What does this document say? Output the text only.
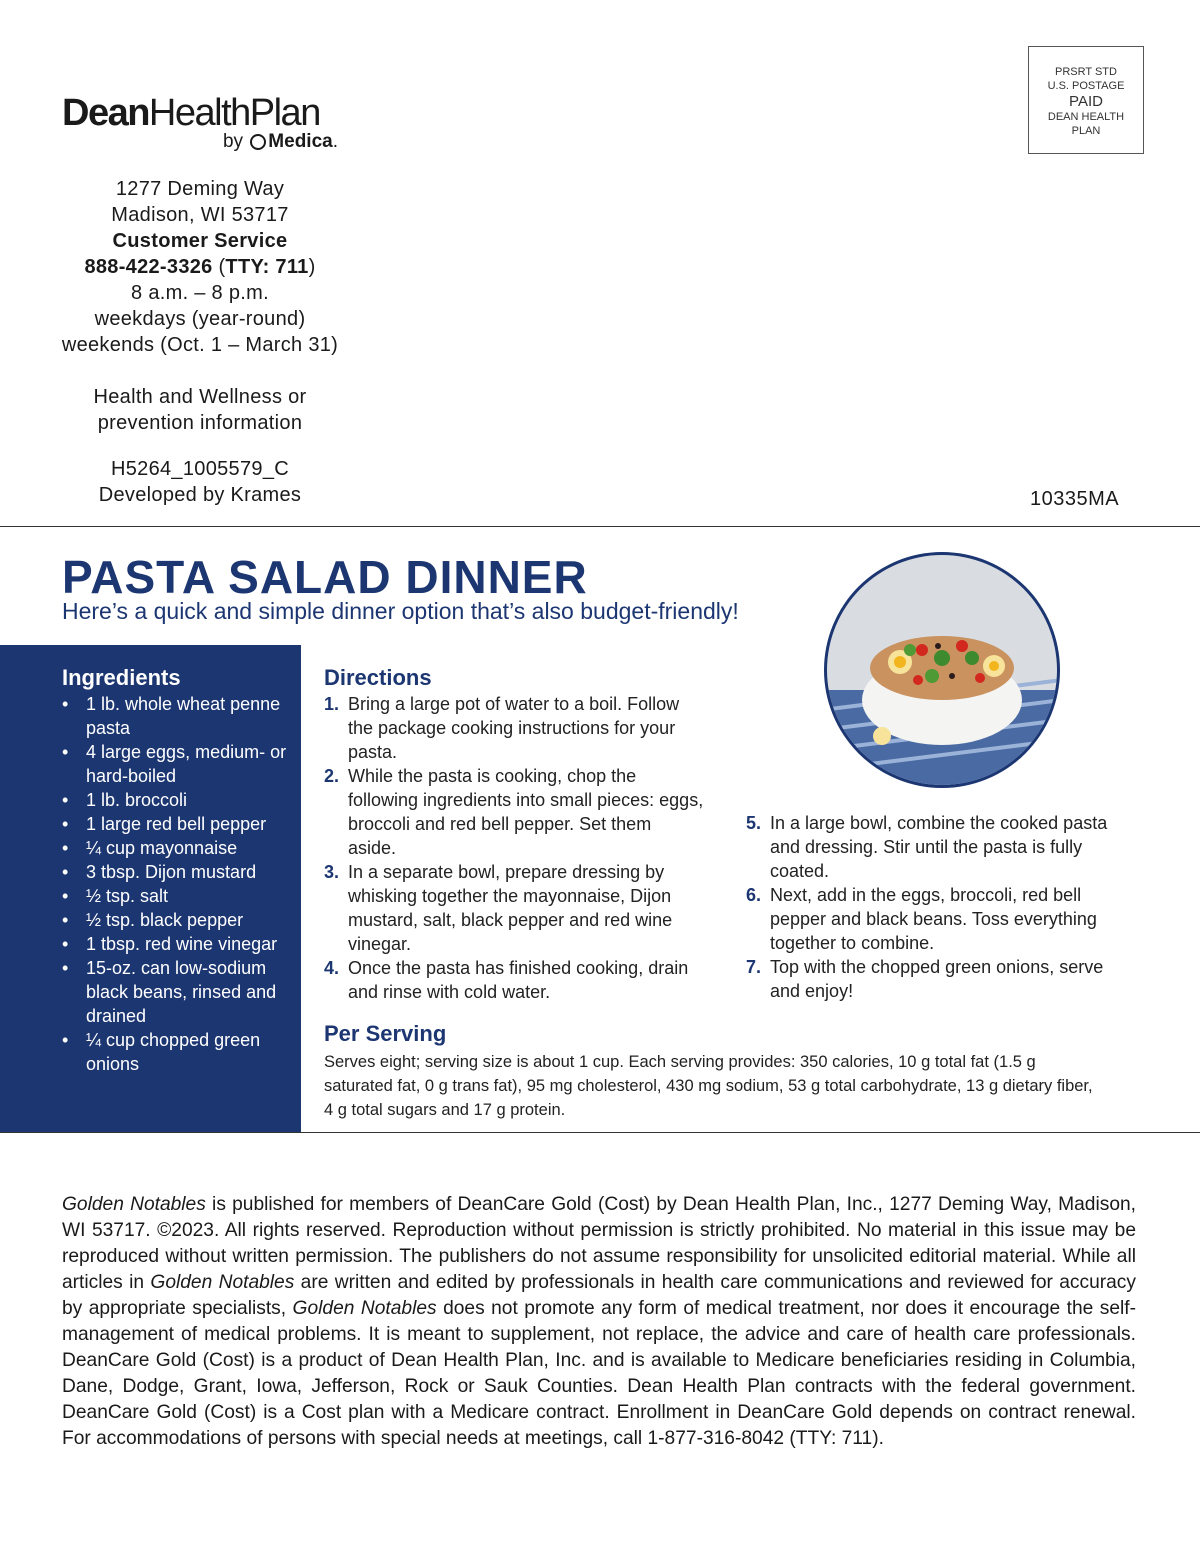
DeanHealthPlan
by Medica.
1277 Deming Way
Madison, WI 53717
Customer Service
888-422-3326 (TTY: 711)
8 a.m. – 8 p.m.
weekdays (year-round)
weekends (Oct. 1 – March 31)
Health and Wellness or
prevention information
H5264_1005579_C
Developed by Krames
PRSRT STD
U.S. POSTAGE
PAID
DEAN HEALTH
PLAN
10335MA
PASTA SALAD DINNER
Here’s a quick and simple dinner option that’s also budget-friendly!
Ingredients
• 1 lb. whole wheat penne pasta
• 4 large eggs, medium- or hard-boiled
• 1 lb. broccoli
• 1 large red bell pepper
• ¼ cup mayonnaise
• 3 tbsp. Dijon mustard
• ½ tsp. salt
• ½ tsp. black pepper
• 1 tbsp. red wine vinegar
• 15-oz. can low-sodium black beans, rinsed and drained
• ¼ cup chopped green onions
Directions
1. Bring a large pot of water to a boil. Follow the package cooking instructions for your pasta.
2. While the pasta is cooking, chop the following ingredients into small pieces: eggs, broccoli and red bell pepper. Set them aside.
3. In a separate bowl, prepare dressing by whisking together the mayonnaise, Dijon mustard, salt, black pepper and red wine vinegar.
4. Once the pasta has finished cooking, drain and rinse with cold water.
5. In a large bowl, combine the cooked pasta and dressing. Stir until the pasta is fully coated.
6. Next, add in the eggs, broccoli, red bell pepper and black beans. Toss everything together to combine.
7. Top with the chopped green onions, serve and enjoy!
Per Serving
Serves eight; serving size is about 1 cup. Each serving provides: 350 calories, 10 g total fat (1.5 g saturated fat, 0 g trans fat), 95 mg cholesterol, 430 mg sodium, 53 g total carbohydrate, 13 g dietary fiber, 4 g total sugars and 17 g protein.
Golden Notables is published for members of DeanCare Gold (Cost) by Dean Health Plan, Inc., 1277 Deming Way, Madison, WI 53717. ©2023. All rights reserved. Reproduction without permission is strictly prohibited. No material in this issue may be reproduced without written permission. The publishers do not assume responsibility for unsolicited editorial material. While all articles in Golden Notables are written and edited by professionals in health care communications and reviewed for accuracy by appropriate specialists, Golden Notables does not promote any form of medical treatment, nor does it encourage the self-management of medical problems. It is meant to supplement, not replace, the advice and care of health care professionals. DeanCare Gold (Cost) is a product of Dean Health Plan, Inc. and is available to Medicare beneficiaries residing in Columbia, Dane, Dodge, Grant, Iowa, Jefferson, Rock or Sauk Counties. Dean Health Plan contracts with the federal government. DeanCare Gold (Cost) is a Cost plan with a Medicare contract. Enrollment in DeanCare Gold depends on contract renewal. For accommodations of persons with special needs at meetings, call 1-877-316-8042 (TTY: 711).
